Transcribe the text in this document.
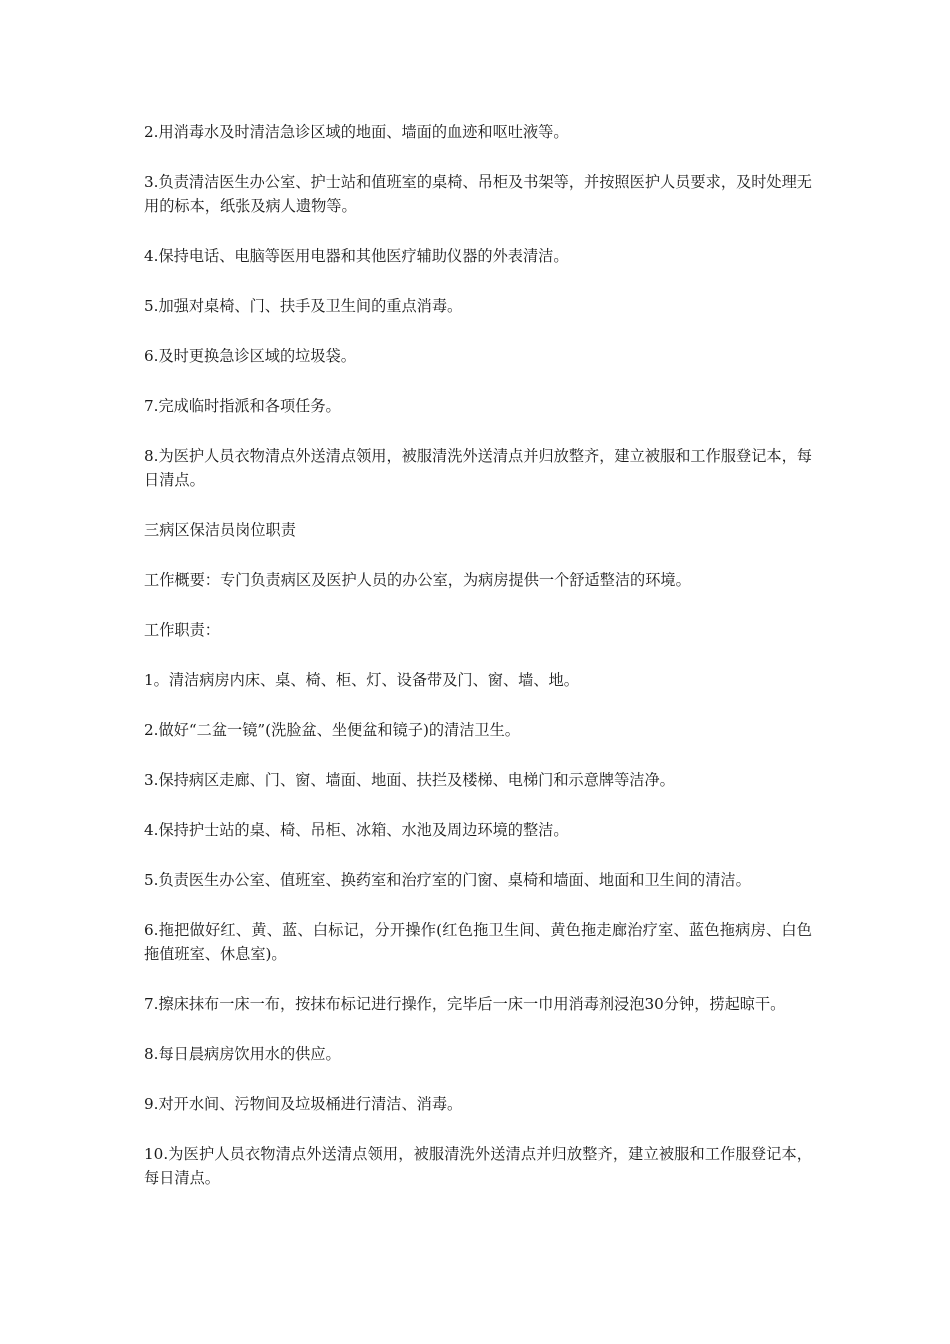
2.用消毒水及时清洁急诊区域的地面、墙面的血迹和呕吐液等。

3.负责清洁医生办公室、护士站和值班室的桌椅、吊柜及书架等，并按照医护人员要求，及时处理无用的标本，纸张及病人遗物等。

4.保持电话、电脑等医用电器和其他医疗辅助仪器的外表清洁。

5.加强对桌椅、门、扶手及卫生间的重点消毒。

6.及时更换急诊区域的垃圾袋。

7.完成临时指派和各项任务。

8.为医护人员衣物清点外送清点领用，被服清洗外送清点并归放整齐，建立被服和工作服登记本，每日清点。

三病区保洁员岗位职责

工作概要：专门负责病区及医护人员的办公室，为病房提供一个舒适整洁的环境。

工作职责：

1。清洁病房内床、桌、椅、柜、灯、设备带及门、窗、墙、地。

2.做好“二盆一镜”(洗脸盆、坐便盆和镜子)的清洁卫生。

3.保持病区走廊、门、窗、墙面、地面、扶拦及楼梯、电梯门和示意牌等洁净。

4.保持护士站的桌、椅、吊柜、冰箱、水池及周边环境的整洁。

5.负责医生办公室、值班室、换药室和治疗室的门窗、桌椅和墙面、地面和卫生间的清洁。

6.拖把做好红、黄、蓝、白标记，分开操作(红色拖卫生间、黄色拖走廊治疗室、蓝色拖病房、白色拖值班室、休息室)。

7.擦床抹布一床一布，按抹布标记进行操作，完毕后一床一巾用消毒剂浸泡30分钟，捞起晾干。

8.每日晨病房饮用水的供应。

9.对开水间、污物间及垃圾桶进行清洁、消毒。

10.为医护人员衣物清点外送清点领用，被服清洗外送清点并归放整齐，建立被服和工作服登记本，每日清点。
